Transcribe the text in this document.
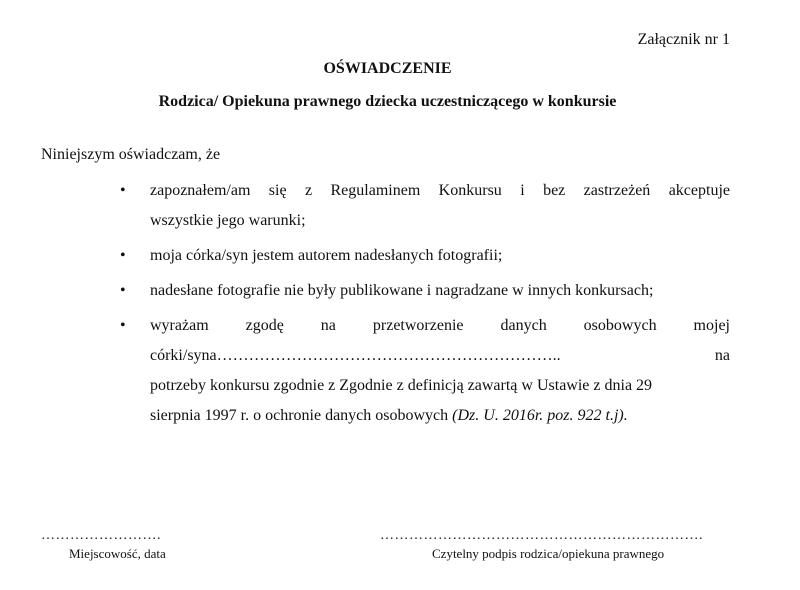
Załącznik nr 1
OŚWIADCZENIE
Rodzica/ Opiekuna prawnego dziecka uczestniczącego w konkursie
Niniejszym oświadczam, że
• zapoznałem/am się z Regulaminem Konkursu i bez zastrzeżeń akceptuje
wszystkie jego warunki;
• moja córka/syn jestem autorem nadesłanych fotografii;
• nadesłane fotografie nie były publikowane i nagradzane w innych konkursach;
• wyrażam zgodę na przetworzenie danych osobowych mojej
córki/syna………………………………………………………..	na
potrzeby konkursu zgodnie z Zgodnie z definicją zawartą w Ustawie z dnia 29
sierpnia 1997 r. o ochronie danych osobowych (Dz. U. 2016r. poz. 922 t.j).
…………………….
Miejscowość, data
………………………………………………………….
Czytelny podpis rodzica/opiekuna prawnego
